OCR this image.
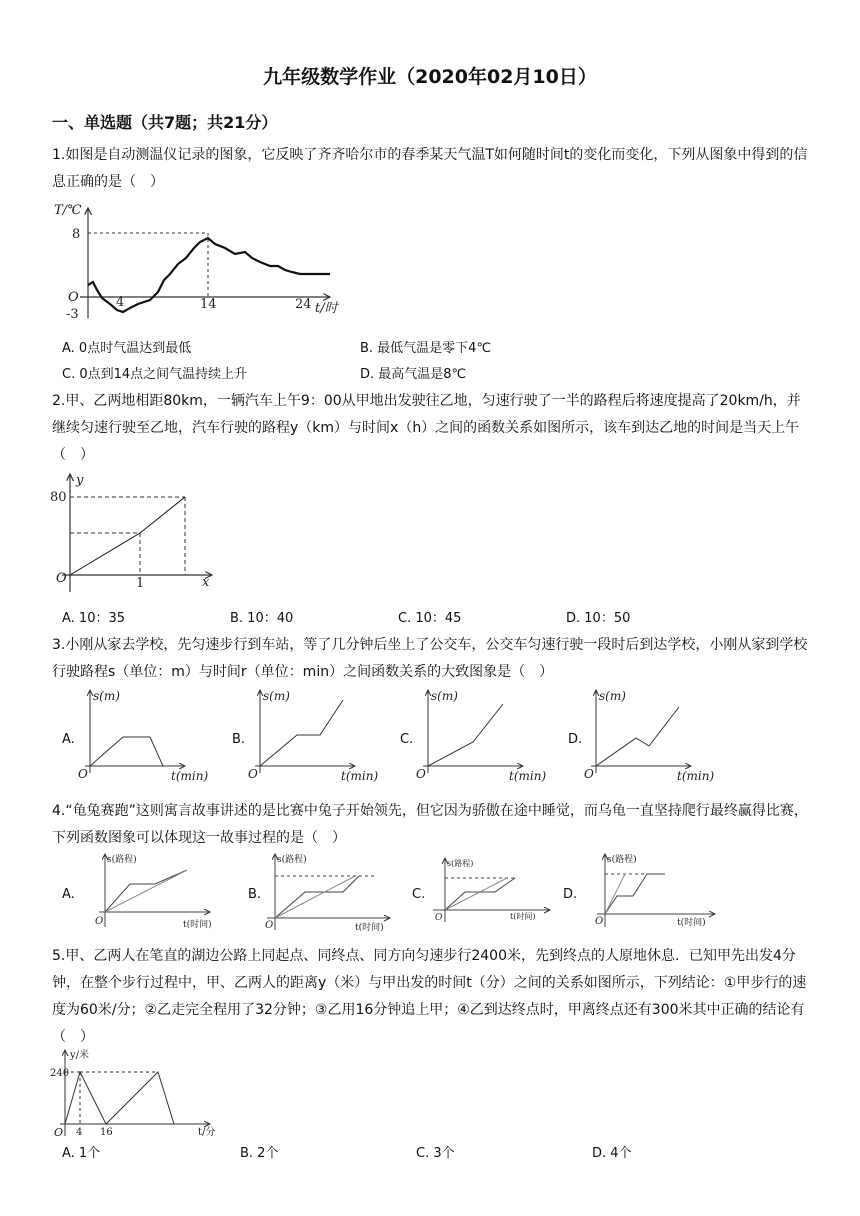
九年级数学作业（2020年02月10日）
一、单选题（共7题；共21分）
1.如图是自动测温仪记录的图象，它反映了齐齐哈尔市的春季某天气温T如何随时间t的变化而变化，下列从图象中得到的信息正确的是（　）
T/℃
t/时
O
8
-3
4	14	24
A. 0点时气温达到最低	B. 最低气温是零下4℃
C. 0点到14点之间气温持续上升	D. 最高气温是8℃
2.甲、乙两地相距80km，一辆汽车上午9：00从甲地出发驶往乙地，匀速行驶了一半的路程后将速度提高了20km/h，并继续匀速行驶至乙地，汽车行驶的路程y（km）与时间x（h）之间的函数关系如图所示，该车到达乙地的时间是当天上午（　）
y
x
O
80
1
A. 10：35	B. 10：40	C. 10：45	D. 10：50
3.小刚从家去学校，先匀速步行到车站，等了几分钟后坐上了公交车，公交车匀速行驶一段时后到达学校，小刚从家到学校行驶路程s（单位：m）与时间r（单位：min）之间函数关系的大致图象是（　）
A.
s(m)
O	t(min)
B.
s(m)
O	t(min)
C.
s(m)
O	t(min)
D.
s(m)
O	t(min)
4.“龟兔赛跑”这则寓言故事讲述的是比赛中兔子开始领先，但它因为骄傲在途中睡觉，而乌龟一直坚持爬行最终赢得比赛，下列函数图象可以体现这一故事过程的是（　）
A.
s(路程)
O	t(时间)
B.
s(路程)
O	t(时间)
C.
s(路程)
O	t(时间)
D.
s(路程)
O	t(时间)
5.甲、乙两人在笔直的湖边公路上同起点、同终点、同方向匀速步行2400米，先到终点的人原地休息．已知甲先出发4分钟，在整个步行过程中，甲、乙两人的距离y（米）与甲出发的时间t（分）之间的关系如图所示，下列结论：①甲步行的速度为60米/分；②乙走完全程用了32分钟；③乙用16分钟追上甲；④乙到达终点时，甲离终点还有300米其中正确的结论有（　）
y/米
O
240
4 16	t/分
A. 1个	B. 2个	C. 3个	D. 4个
